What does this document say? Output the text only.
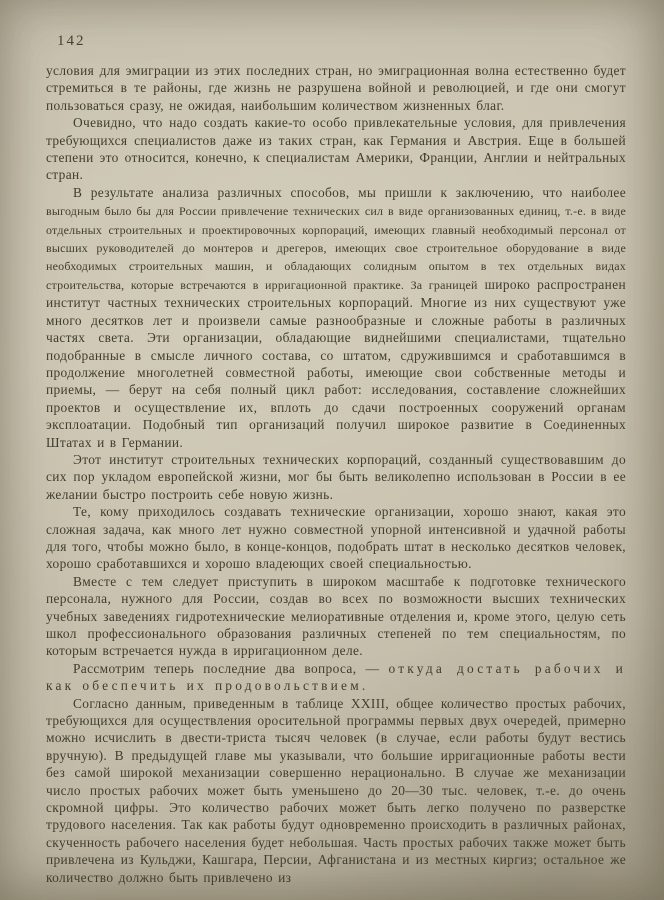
142

условия для эмиграции из этих последних стран, но эмиграционная волна естественно будет стремиться в те районы, где жизнь не разрушена войной и революцией, и где они смогут пользоваться сразу, не ожидая, наибольшим количеством жизненных благ.

Очевидно, что надо создать какие-то особо привлекательные условия, для привлечения требующихся специалистов даже из таких стран, как Германия и Австрия. Еще в большей степени это относится, конечно, к специалистам Америки, Франции, Англии и нейтральных стран.

В результате анализа различных способов, мы пришли к заключению, что наиболее выгодным было бы для России привлечение технических сил в виде организованных единиц, т.-е. в виде отдельных строительных и проектировочных корпораций, имеющих главный необходимый персонал от высших руководителей до монтеров и дрегеров, имеющих свое строительное оборудование в виде необходимых строительных машин, и обладающих солидным опытом в тех отдельных видах строительства, которые встречаются в ирригационной практике. За границей широко распространен институт частных технических строительных корпораций. Многие из них существуют уже много десятков лет и произвели самые разнообразные и сложные работы в различных частях света. Эти организации, обладающие виднейшими специалистами, тщательно подобранные в смысле личного состава, со штатом, сдружившимся и сработавшимся в продолжение многолетней совместной работы, имеющие свои собственные методы и приемы, — берут на себя полный цикл работ: исследования, составление сложнейших проектов и осуществление их, вплоть до сдачи построенных сооружений органам эксплоатации. Подобный тип организаций получил широкое развитие в Соединенных Штатах и в Германии.

Этот институт строительных технических корпораций, созданный существовавшим до сих пор укладом европейской жизни, мог бы быть великолепно использован в России в ее желании быстро построить себе новую жизнь.

Те, кому приходилось создавать технические организации, хорошо знают, какая это сложная задача, как много лет нужно совместной упорной интенсивной и удачной работы для того, чтобы можно было, в конце-концов, подобрать штат в несколько десятков человек, хорошо сработавшихся и хорошо владеющих своей специальностью.

Вместе с тем следует приступить в широком масштабе к подготовке технического персонала, нужного для России, создав во всех по возможности высших технических учебных заведениях гидротехнические мелиоративные отделения и, кроме этого, целую сеть школ профессионального образования различных степеней по тем специальностям, по которым встречается нужда в ирригационном деле.

Рассмотрим теперь последние два вопроса, — откуда достать рабочих и как обеспечить их продовольствием.

Согласно данным, приведенным в таблице XXIII, общее количество простых рабочих, требующихся для осуществления оросительной программы первых двух очередей, примерно можно исчислить в двести-триста тысяч человек (в случае, если работы будут вестись вручную). В предыдущей главе мы указывали, что большие ирригационные работы вести без самой широкой механизации совершенно нерационально. В случае же механизации число простых рабочих может быть уменьшено до 20—30 тыс. человек, т.-е. до очень скромной цифры. Это количество рабочих может быть легко получено по разверстке трудового населения. Так как работы будут одновременно происходить в различных районах, скученность рабочего населения будет небольшая. Часть простых рабочих также может быть привлечена из Кульджи, Кашгара, Персии, Афганистана и из местных киргиз; остальное же количество должно быть привлечено из
